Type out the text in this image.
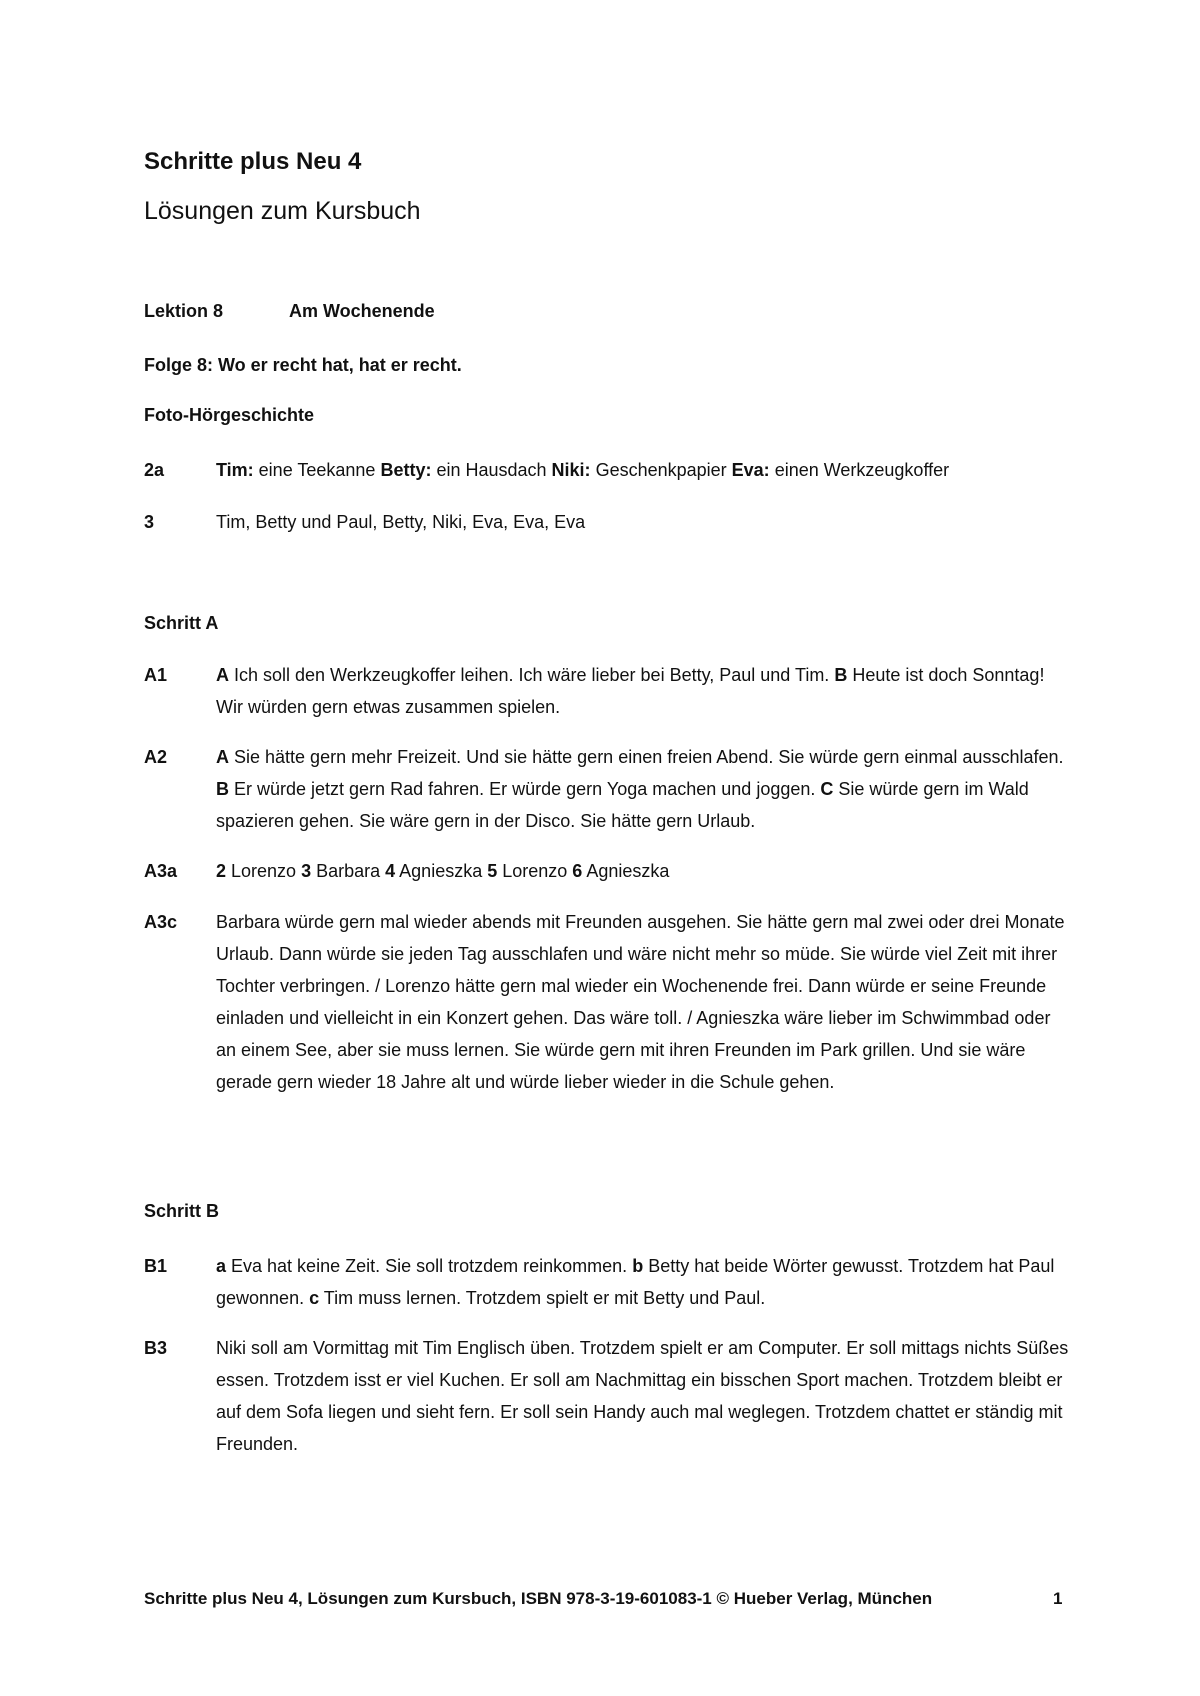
Schritte plus Neu 4
Lösungen zum Kursbuch
Lektion 8	Am Wochenende
Folge 8: Wo er recht hat, hat er recht.
Foto-Hörgeschichte
2a	Tim: eine Teekanne Betty: ein Hausdach Niki: Geschenkpapier Eva: einen Werkzeugkoffer
3	Tim, Betty und Paul, Betty, Niki, Eva, Eva, Eva
Schritt A
A1	A Ich soll den Werkzeugkoffer leihen. Ich wäre lieber bei Betty, Paul und Tim. B Heute ist doch Sonntag! Wir würden gern etwas zusammen spielen.
A2	A Sie hätte gern mehr Freizeit. Und sie hätte gern einen freien Abend. Sie würde gern einmal ausschlafen. B Er würde jetzt gern Rad fahren. Er würde gern Yoga machen und joggen. C Sie würde gern im Wald spazieren gehen. Sie wäre gern in der Disco. Sie hätte gern Urlaub.
A3a 2 Lorenzo 3 Barbara 4 Agnieszka 5 Lorenzo 6 Agnieszka
A3c Barbara würde gern mal wieder abends mit Freunden ausgehen. Sie hätte gern mal zwei oder drei Monate Urlaub. Dann würde sie jeden Tag ausschlafen und wäre nicht mehr so müde. Sie würde viel Zeit mit ihrer Tochter verbringen. / Lorenzo hätte gern mal wieder ein Wochenende frei. Dann würde er seine Freunde einladen und vielleicht in ein Konzert gehen. Das wäre toll. / Agnieszka wäre lieber im Schwimmbad oder an einem See, aber sie muss lernen. Sie würde gern mit ihren Freunden im Park grillen. Und sie wäre gerade gern wieder 18 Jahre alt und würde lieber wieder in die Schule gehen.
Schritt B
B1	a Eva hat keine Zeit. Sie soll trotzdem reinkommen. b Betty hat beide Wörter gewusst. Trotzdem hat Paul gewonnen. c Tim muss lernen. Trotzdem spielt er mit Betty und Paul.
B3	Niki soll am Vormittag mit Tim Englisch üben. Trotzdem spielt er am Computer. Er soll mittags nichts Süßes essen. Trotzdem isst er viel Kuchen. Er soll am Nachmittag ein bisschen Sport machen. Trotzdem bleibt er auf dem Sofa liegen und sieht fern. Er soll sein Handy auch mal weglegen. Trotzdem chattet er ständig mit Freunden.
Schritte plus Neu 4, Lösungen zum Kursbuch, ISBN 978-3-19-601083-1 © Hueber Verlag, München	1
